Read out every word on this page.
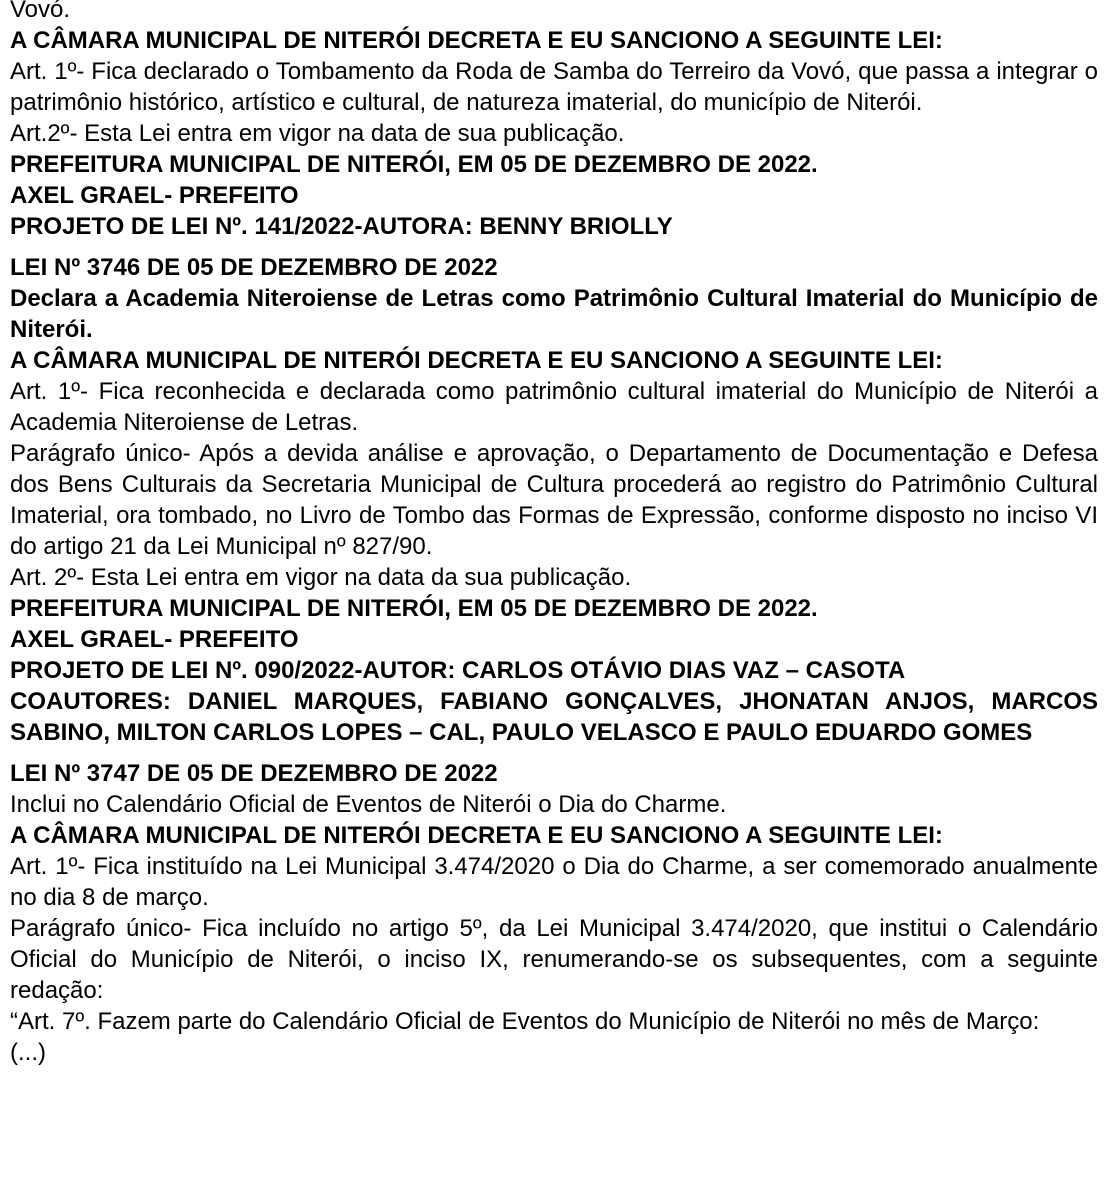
Vovó.

A CÂMARA MUNICIPAL DE NITERÓI DECRETA E EU SANCIONO A SEGUINTE LEI:

Art. 1º- Fica declarado o Tombamento da Roda de Samba do Terreiro da Vovó, que passa a integrar o patrimônio histórico, artístico e cultural, de natureza imaterial, do município de Niterói.

Art.2º- Esta Lei entra em vigor na data de sua publicação.

PREFEITURA MUNICIPAL DE NITERÓI, EM 05 DE DEZEMBRO DE 2022.

AXEL GRAEL- PREFEITO

PROJETO DE LEI Nº. 141/2022-AUTORA: BENNY BRIOLLY

LEI Nº 3746 DE 05 DE DEZEMBRO DE 2022

Declara a Academia Niteroiense de Letras como Patrimônio Cultural Imaterial do Município de Niterói.

A CÂMARA MUNICIPAL DE NITERÓI DECRETA E EU SANCIONO A SEGUINTE LEI:

Art. 1º- Fica reconhecida e declarada como patrimônio cultural imaterial do Município de Niterói a Academia Niteroiense de Letras.

Parágrafo único- Após a devida análise e aprovação, o Departamento de Documentação e Defesa dos Bens Culturais da Secretaria Municipal de Cultura procederá ao registro do Patrimônio Cultural Imaterial, ora tombado, no Livro de Tombo das Formas de Expressão, conforme disposto no inciso VI do artigo 21 da Lei Municipal nº 827/90.

Art. 2º- Esta Lei entra em vigor na data da sua publicação.

PREFEITURA MUNICIPAL DE NITERÓI, EM 05 DE DEZEMBRO DE 2022.

AXEL GRAEL- PREFEITO

PROJETO DE LEI Nº. 090/2022-AUTOR: CARLOS OTÁVIO DIAS VAZ – CASOTA

COAUTORES: DANIEL MARQUES, FABIANO GONÇALVES, JHONATAN ANJOS, MARCOS SABINO, MILTON CARLOS LOPES – CAL, PAULO VELASCO E PAULO EDUARDO GOMES

LEI Nº 3747 DE 05 DE DEZEMBRO DE 2022

Inclui no Calendário Oficial de Eventos de Niterói o Dia do Charme.

A CÂMARA MUNICIPAL DE NITERÓI DECRETA E EU SANCIONO A SEGUINTE LEI:

Art. 1º- Fica instituído na Lei Municipal 3.474/2020 o Dia do Charme, a ser comemorado anualmente no dia 8 de março.

Parágrafo único- Fica incluído no artigo 5º, da Lei Municipal 3.474/2020, que institui o Calendário Oficial do Município de Niterói, o inciso IX, renumerando-se os subsequentes, com a seguinte redação:

“Art. 7º. Fazem parte do Calendário Oficial de Eventos do Município de Niterói no mês de Março:

(...)
